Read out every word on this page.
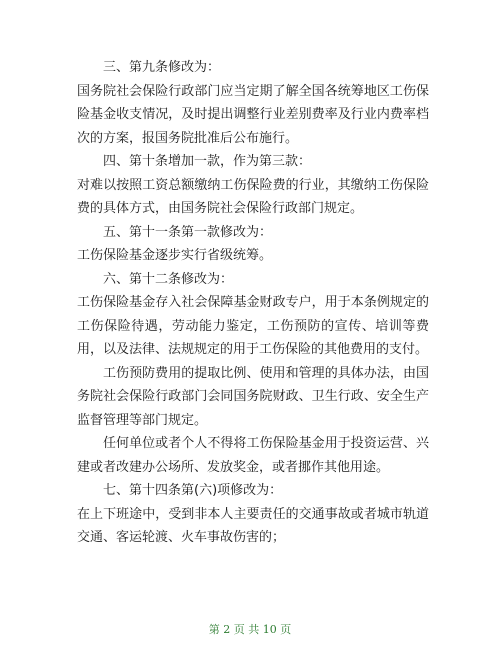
三、第九条修改为：

国务院社会保险行政部门应当定期了解全国各统筹地区工伤保险基金收支情况，及时提出调整行业差别费率及行业内费率档次的方案，报国务院批准后公布施行。

四、第十条增加一款，作为第三款：

对难以按照工资总额缴纳工伤保险费的行业，其缴纳工伤保险费的具体方式，由国务院社会保险行政部门规定。

五、第十一条第一款修改为：

工伤保险基金逐步实行省级统筹。

六、第十二条修改为：

工伤保险基金存入社会保障基金财政专户，用于本条例规定的工伤保险待遇，劳动能力鉴定，工伤预防的宣传、培训等费用，以及法律、法规规定的用于工伤保险的其他费用的支付。

工伤预防费用的提取比例、使用和管理的具体办法，由国务院社会保险行政部门会同国务院财政、卫生行政、安全生产监督管理等部门规定。

任何单位或者个人不得将工伤保险基金用于投资运营、兴建或者改建办公场所、发放奖金，或者挪作其他用途。

七、第十四条第(六)项修改为：

在上下班途中，受到非本人主要责任的交通事故或者城市轨道交通、客运轮渡、火车事故伤害的；

第 2 页 共 10 页
